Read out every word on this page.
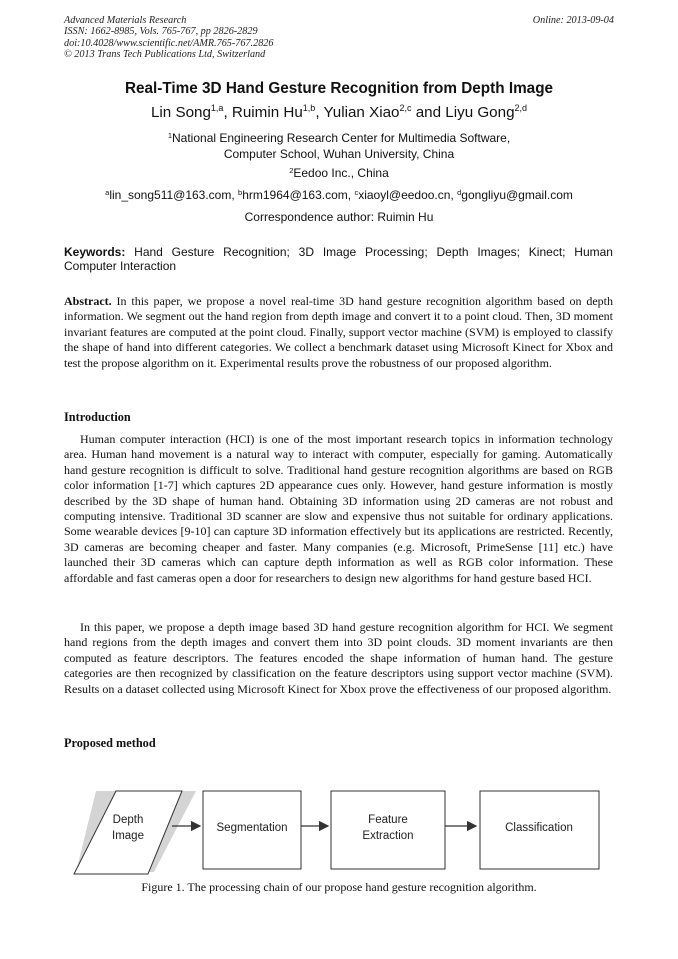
Advanced Materials Research
ISSN: 1662-8985, Vols. 765-767, pp 2826-2829
doi:10.4028/www.scientific.net/AMR.765-767.2826
© 2013 Trans Tech Publications Ltd, Switzerland
Online: 2013-09-04
Real-Time 3D Hand Gesture Recognition from Depth Image
Lin Song$^{1,a}$, Ruimin Hu$^{1,b}$, Yulian Xiao$^{2,c}$ and Liyu Gong$^{2,d}$
$^1$National Engineering Research Center for Multimedia Software,
Computer School, Wuhan University, China
$^2$Eedoo Inc., China
$^a$lin_song511@163.com, $^b$hrm1964@163.com, $^c$xiaoyl@eedoo.cn, $^d$gongliyu@gmail.com
Correspondence author: Ruimin Hu
Keywords: Hand Gesture Recognition; 3D Image Processing; Depth Images; Kinect; Human Computer Interaction
Abstract. In this paper, we propose a novel real-time 3D hand gesture recognition algorithm based on depth information. We segment out the hand region from depth image and convert it to a point cloud. Then, 3D moment invariant features are computed at the point cloud. Finally, support vector machine (SVM) is employed to classify the shape of hand into different categories. We collect a benchmark dataset using Microsoft Kinect for Xbox and test the propose algorithm on it. Experimental results prove the robustness of our proposed algorithm.
Introduction
Human computer interaction (HCI) is one of the most important research topics in information technology area. Human hand movement is a natural way to interact with computer, especially for gaming. Automatically hand gesture recognition is difficult to solve. Traditional hand gesture recognition algorithms are based on RGB color information [1-7] which captures 2D appearance cues only. However, hand gesture information is mostly described by the 3D shape of human hand. Obtaining 3D information using 2D cameras are not robust and computing intensive. Traditional 3D scanner are slow and expensive thus not suitable for ordinary applications. Some wearable devices [9-10] can capture 3D information effectively but its applications are restricted. Recently, 3D cameras are becoming cheaper and faster. Many companies (e.g. Microsoft, PrimeSense [11] etc.) have launched their 3D cameras which can capture depth information as well as RGB color information. These affordable and fast cameras open a door for researchers to design new algorithms for hand gesture based HCI.
In this paper, we propose a depth image based 3D hand gesture recognition algorithm for HCI. We segment hand regions from the depth images and convert them into 3D point clouds. 3D moment invariants are then computed as feature descriptors. The features encoded the shape information of human hand. The gesture categories are then recognized by classification on the feature descriptors using support vector machine (SVM). Results on a dataset collected using Microsoft Kinect for Xbox prove the effectiveness of our proposed algorithm.
Proposed method
Depth
Image
Segmentation
Feature
Extraction
Classification
Figure 1. The processing chain of our propose hand gesture recognition algorithm.
